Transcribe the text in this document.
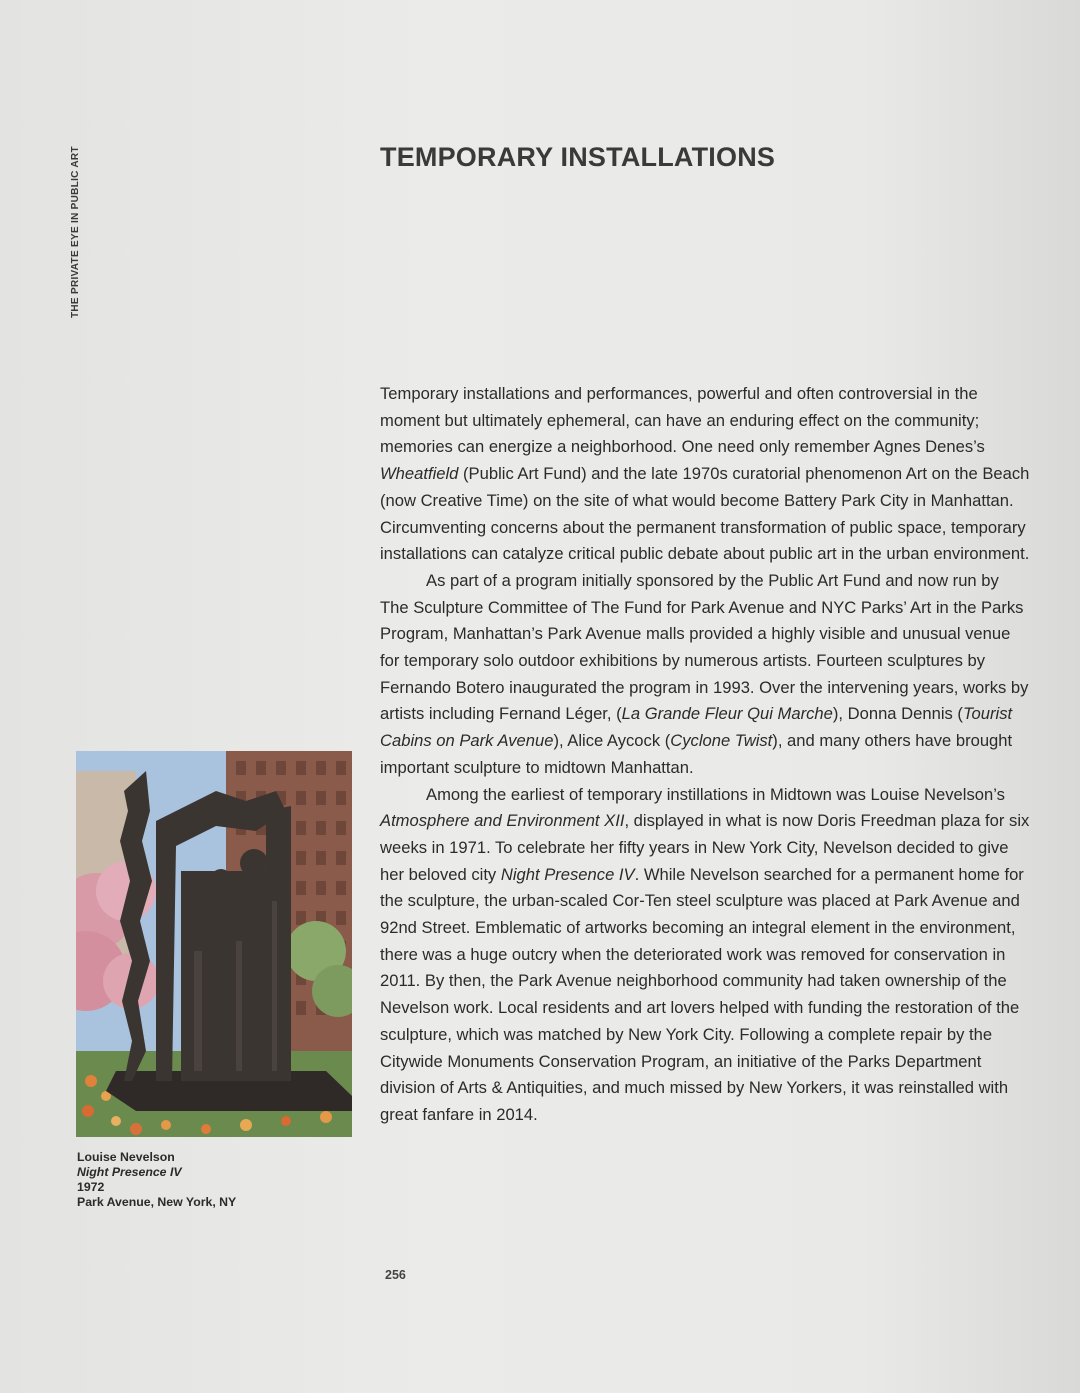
THE PRIVATE EYE IN PUBLIC ART	TEMPORARY INSTALLATIONS

Temporary installations and performances, powerful and often controversial in the moment but ultimately ephemeral, can have an enduring effect on the community; memories can energize a neighborhood. One need only remember Agnes Denes’s Wheatfield (Public Art Fund) and the late 1970s curatorial phenomenon Art on the Beach (now Creative Time) on the site of what would become Battery Park City in Manhattan. Circumventing concerns about the permanent transformation of public space, temporary installations can catalyze critical public debate about public art in the urban environment.

As part of a program initially sponsored by the Public Art Fund and now run by The Sculpture Committee of The Fund for Park Avenue and NYC Parks’ Art in the Parks Program, Manhattan’s Park Avenue malls provided a highly visible and unusual venue for temporary solo outdoor exhibitions by numerous artists. Fourteen sculptures by Fernando Botero inaugurated the program in 1993. Over the intervening years, works by artists including Fernand Léger, (La Grande Fleur Qui Marche), Donna Dennis (Tourist Cabins on Park Avenue), Alice Aycock (Cyclone Twist), and many others have brought important sculpture to midtown Manhattan.

Among the earliest of temporary instillations in Midtown was Louise Nevelson’s Atmosphere and Environment XII, displayed in what is now Doris Freedman plaza for six weeks in 1971. To celebrate her fifty years in New York City, Nevelson decided to give her beloved city Night Presence IV. While Nevelson searched for a permanent home for the sculpture, the urban-scaled Cor-Ten steel sculpture was placed at Park Avenue and 92nd Street. Emblematic of artworks becoming an integral element in the environment, there was a huge outcry when the deteriorated work was removed for conservation in 2011. By then, the Park Avenue neighborhood community had taken ownership of the Nevelson work. Local residents and art lovers helped with funding the restoration of the sculpture, which was matched by New York City. Following a complete repair by the Citywide Monuments Conservation Program, an initiative of the Parks Department division of Arts & Antiquities, and much missed by New Yorkers, it was reinstalled with great fanfare in 2014.

Louise Nevelson
Night Presence IV
1972
Park Avenue, New York, NY
256
